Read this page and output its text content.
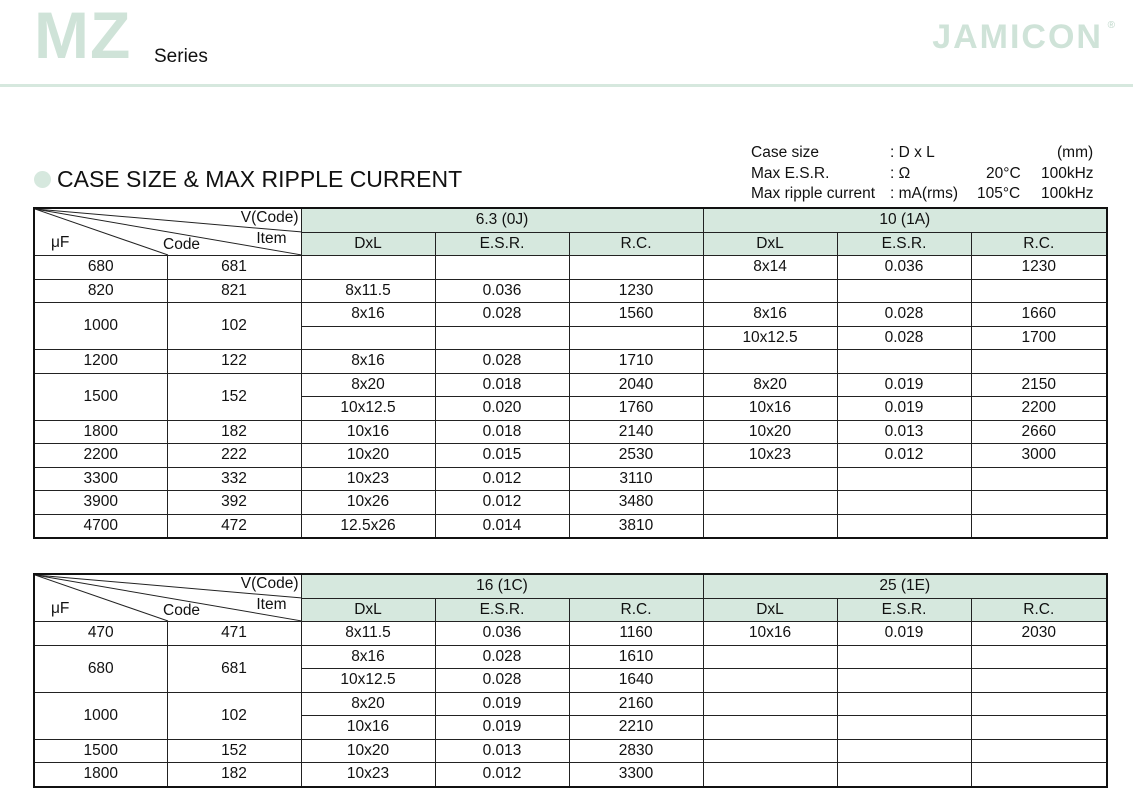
MZ Series
JAMICON ®
CASE SIZE & MAX RIPPLE CURRENT
Case size	: D x L	(mm)
Max E.S.R.	: Ω	20°C 100kHz
Max ripple current : mA(rms) 105°C 100kHz
V(Code)
Item
μF Code		6.3 (0J)			10 (1A)		
		DxL	E.S.R.	R.C.	DxL	E.S.R.	R.C.
680	681				8x14	0.036	1230
820	821	8x11.5	0.036	1230			
1000	102	8x16	0.028	1560	8x16	0.028	1660
					10x12.5	0.028	1700
1200	122	8x16	0.028	1710			
1500	152	8x20	0.018	2040	8x20	0.019	2150
		10x12.5	0.020	1760	10x16	0.019	2200
1800	182	10x16	0.018	2140	10x20	0.013	2660
2200	222	10x20	0.015	2530	10x23	0.012	3000
3300	332	10x23	0.012	3110			
3900	392	10x26	0.012	3480			
4700	472	12.5x26	0.014	3810			
V(Code)
Item
μF Code		16 (1C)			25 (1E)		
		DxL	E.S.R.	R.C.	DxL	E.S.R.	R.C.
470	471	8x11.5	0.036	1160	10x16	0.019	2030
680	681	8x16	0.028	1610			
		10x12.5	0.028	1640			
1000	102	8x20	0.019	2160			
		10x16	0.019	2210			
1500	152	10x20	0.013	2830			
1800	182	10x23	0.012	3300			
